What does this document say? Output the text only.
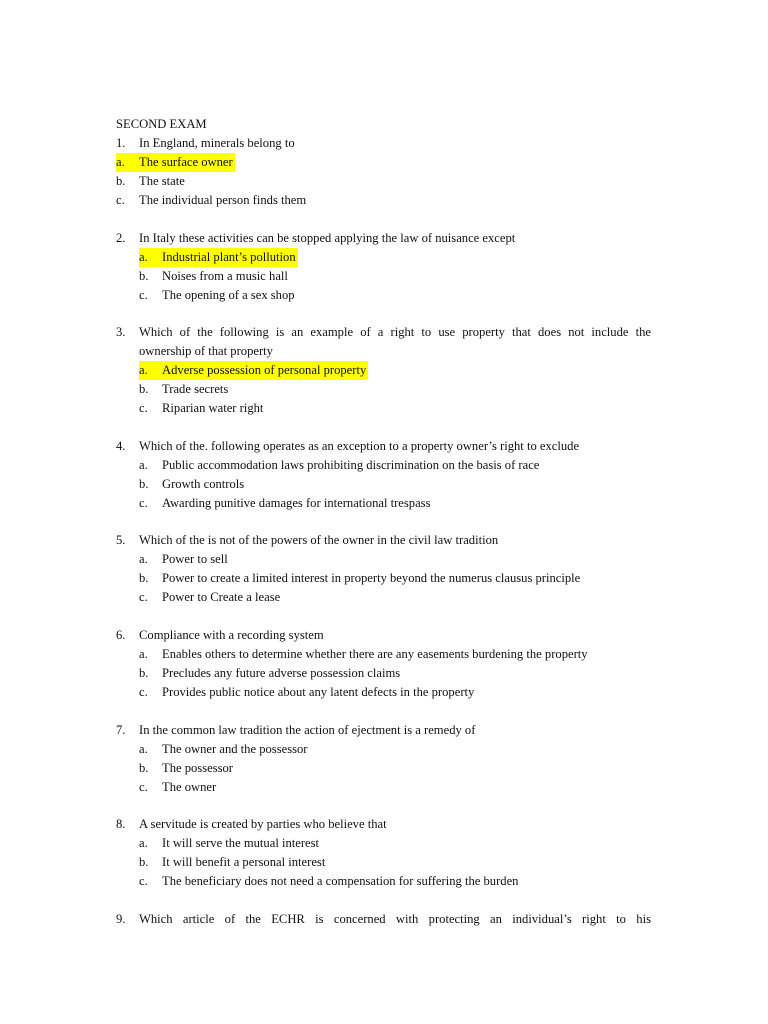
SECOND EXAM
1.	In England, minerals belong to
a. The surface owner
b.	The state
c.	The individual person finds them
2.	In Italy these activities can be stopped applying the law of nuisance except
a. Industrial plant’s pollution
b.	Noises from a music hall
c.	The opening of a sex shop
3.	Which of the following is an example of a right to use property that does not include the
ownership of that property
a. Adverse possession of personal property
b.	Trade secrets
c.	Riparian water right
4.	Which of the. following operates as an exception to a property owner’s right to exclude
a.	Public accommodation laws prohibiting discrimination on the basis of race
b.	Growth controls
c.	Awarding punitive damages for international trespass
5.	Which of the is not of the powers of the owner in the civil law tradition
a.	Power to sell
b.	Power to create a limited interest in property beyond the numerus clausus principle
c.	Power to Create a lease
6.	Compliance with a recording system
a.	Enables others to determine whether there are any easements burdening the property
b.	Precludes any future adverse possession claims
c.	Provides public notice about any latent defects in the property
7.	In the common law tradition the action of ejectment is a remedy of
a.	The owner and the possessor
b.	The possessor
c.	The owner
8.	A servitude is created by parties who believe that
a.	It will serve the mutual interest
b.	It will benefit a personal interest
c.	The beneficiary does not need a compensation for suffering the burden
9.	Which article of the ECHR is concerned with protecting an individual’s right to his
